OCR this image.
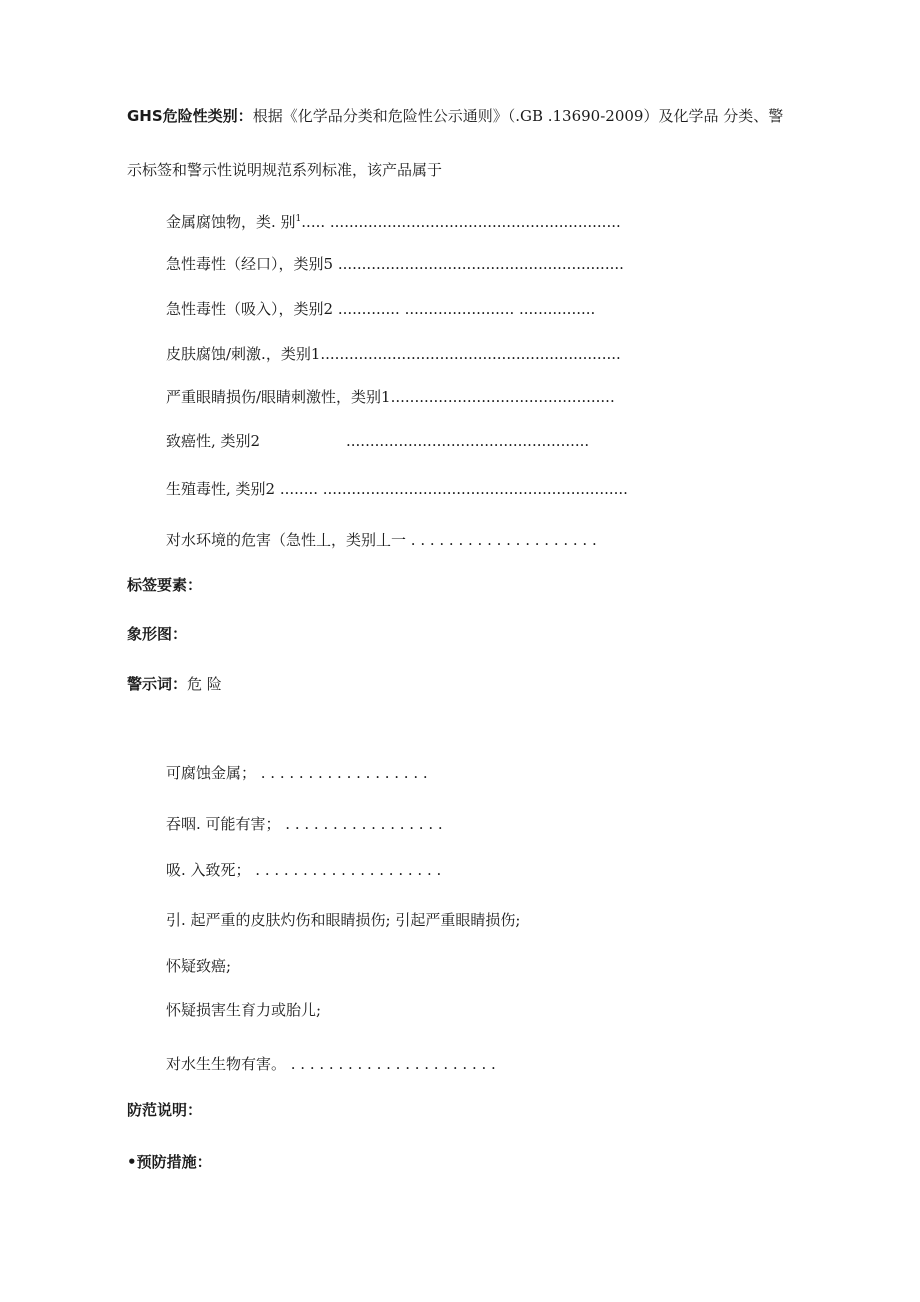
GHS危险性类别：根据《化学品分类和危险性公示通则》（.GB .13690-2009）及化学品 分类、警
示标签和警示性说明规范系列标准，该产品属于
金属腐蚀物，类. 别$^1$..... .............................................................
急性毒性（经口），类别5 ............................................................
急性毒性（吸入），类别2 ............. ....................... ................
皮肤腐蚀/刺激.，类别1...............................................................
严重眼睛损伤/眼睛刺激性，类别1...............................................
致癌性, 类别2	...................................................
生殖毒性, 类别2 ........ ................................................................
对水环境的危害（急性丄，类别丄一 . . . . . . . . . . . . . . . . . . . .
标签要素：
象形图：
警示词：危 险
可腐蚀金属； . . . . . . . . . . . . . . . . . .
吞咽. 可能有害； . . . . . . . . . . . . . . . . .
吸. 入致死； . . . . . . . . . . . . . . . . . . . .
引. 起严重的皮肤灼伤和眼睛损伤; 引起严重眼睛损伤;
怀疑致癌;
怀疑损害生育力或胎儿;
对水生生物有害。 . . . . . . . . . . . . . . . . . . . . . .
防范说明：
•预防措施：
